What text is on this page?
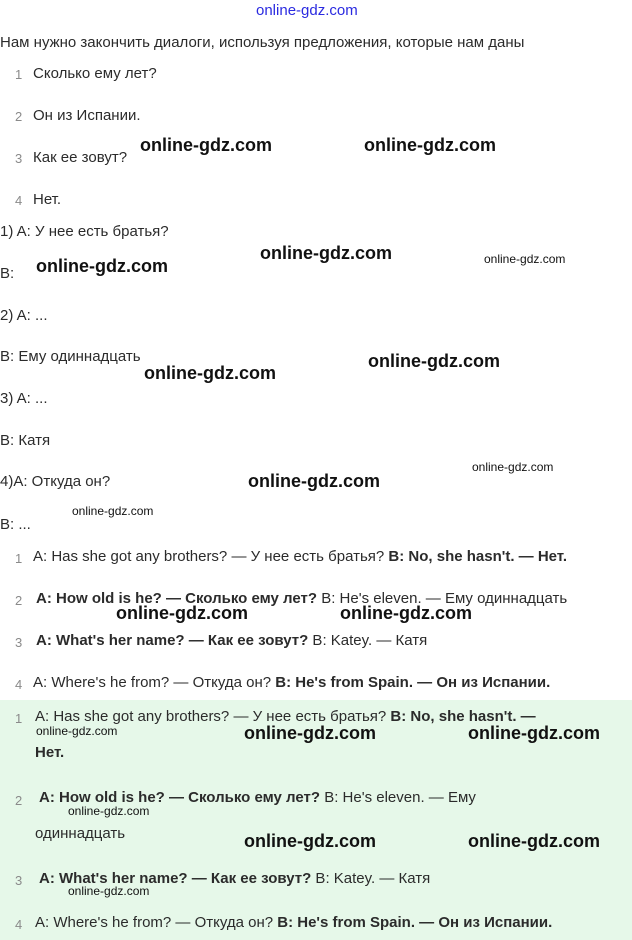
online-gdz.com
Нам нужно закончить диалоги, используя предложения, которые нам даны
1 Сколько ему лет?
2 Он из Испании.
3 Как ее зовут?
4 Нет.
1) A: У нее есть братья?
B:
2) A: ...
B: Ему одиннадцать
3) A: ...
B: Катя
4)A: Откуда он?
B: ...
1 A: Has she got any brothers? — У нее есть братья? B: No, she hasn't. — Нет.
2 A: How old is he? — Сколько ему лет? B: He's eleven. — Ему одиннадцать
3 A: What's her name? — Как ее зовут? B: Katey. — Катя
4 A: Where's he from? — Откуда он? B: He's from Spain. — Он из Испании.
1 A: Has she got any brothers? — У нее есть братья? B: No, she hasn't. —
Нет.
2 A: How old is he? — Сколько ему лет? B: He's eleven. — Ему
одиннадцать
3 A: What's her name? — Как ее зовут? B: Katey. — Катя
4 A: Where's he from? — Откуда он? B: He's from Spain. — Он из Испании.
online-gdz.com	online-gdz.com
online-gdz.com
online-gdz.com	online-gdz.com
online-gdz.com
online-gdz.com
online-gdz.com
online-gdz.com
online-gdz.com
online-gdz.com	online-gdz.com
online-gdz.com	online-gdz.com	online-gdz.com
online-gdz.com
online-gdz.com	online-gdz.com
online-gdz.com
